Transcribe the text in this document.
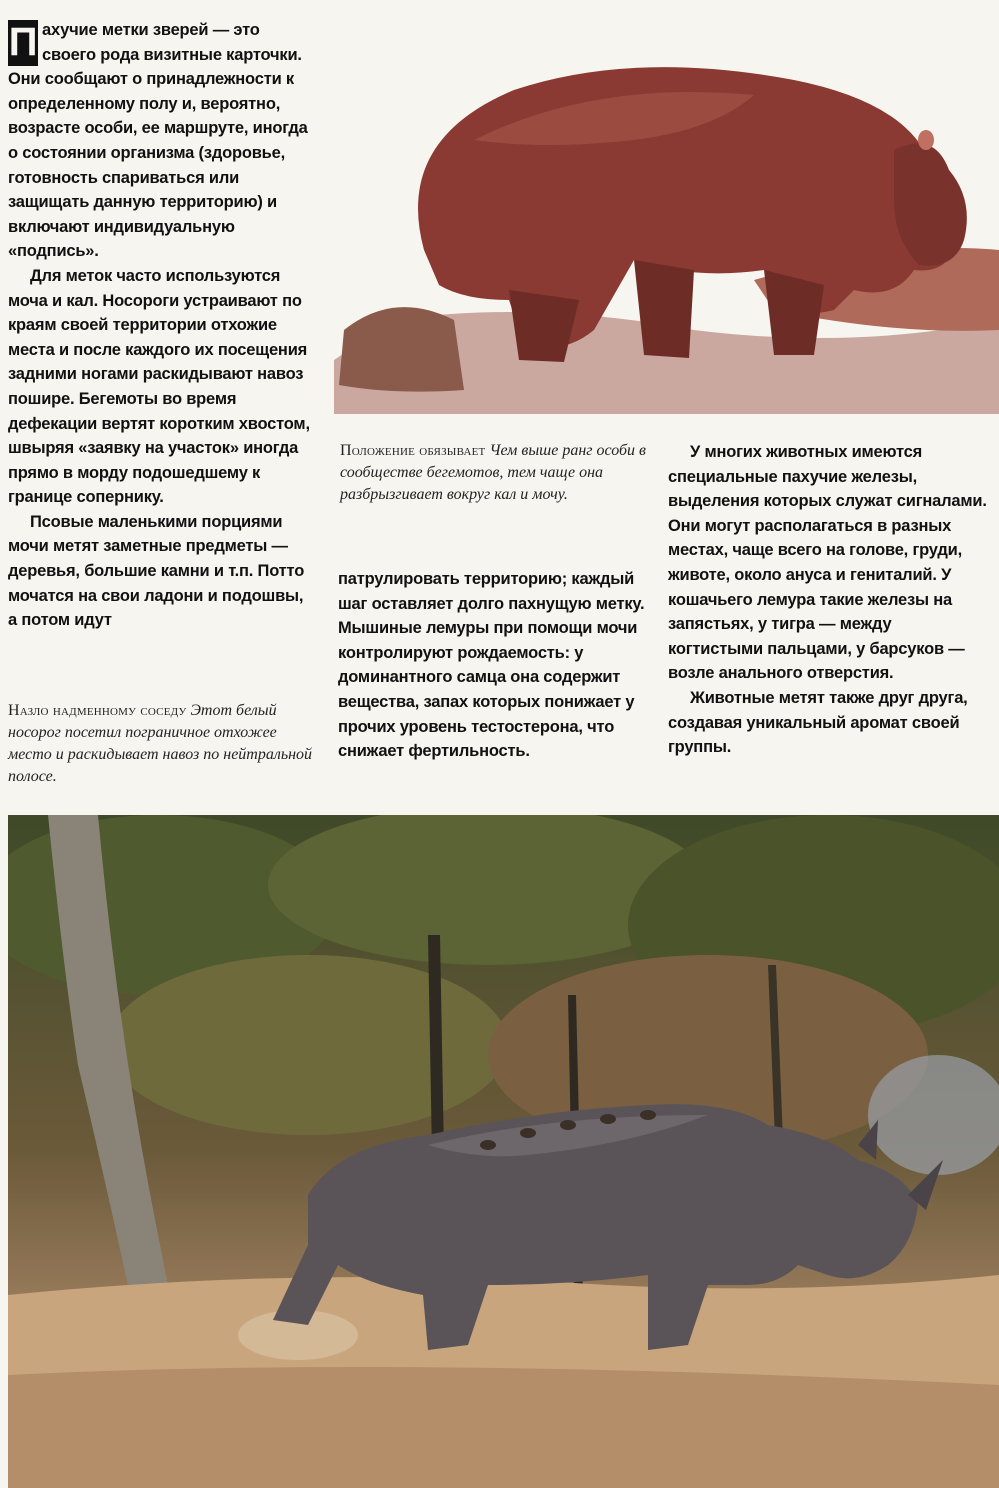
П ахучие метки зверей — это своего рода визитные карточки. Они сообщают о принадлежности к определенному полу и, вероятно, возрасте особи, ее маршруте, иногда о состоянии организма (здоровье, готовность спариваться или защищать данную территорию) и включают индивидуальную «подпись».

Для меток часто используются моча и кал. Носороги устраивают по краям своей территории отхожие места и после каждого их посещения задними ногами раскидывают навоз пошире. Бегемоты во время дефекации вертят коротким хвостом, швыряя «заявку на участок» иногда прямо в морду подошедшему к границе сопернику.

Псовые маленькими порциями мочи метят заметные предметы — деревья, большие камни и т.п. Потто мочатся на свои ладони и подошвы, а потом идут

Назло надменному соседу Этот белый носорог посетил пограничное отхожее место и раскидывает навоз по нейтральной полосе.
Положение обязывает Чем выше ранг особи в сообществе бегемотов, тем чаще она разбрызгивает вокруг кал и мочу.

патрулировать территорию; каждый шаг оставляет долго пахнущую метку. Мышиные лемуры при помощи мочи контролируют рождаемость: у доминантного самца она содержит вещества, запах которых понижает у прочих уровень тестостерона, что снижает фертильность.

У многих животных имеются специальные пахучие железы, выделения которых служат сигналами. Они могут располагаться в разных местах, чаще всего на голове, груди, животе, около ануса и гениталий. У кошачьего лемура такие железы на запястьях, у тигра — между когтистыми пальцами, у барсуков — возле анального отверстия.

Животные метят также друг друга, создавая уникальный аромат своей группы.
